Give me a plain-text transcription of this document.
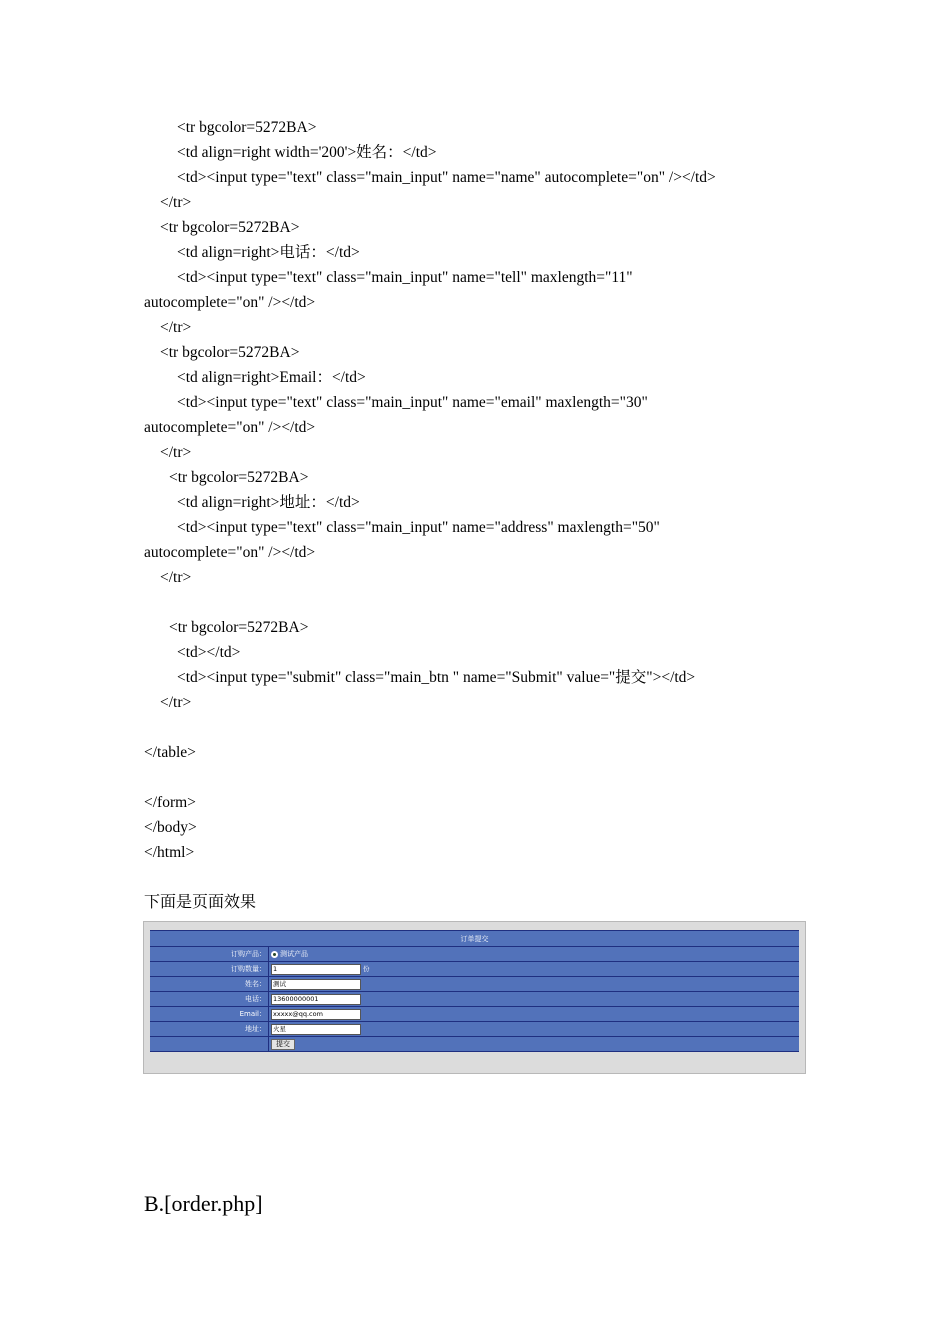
<tr bgcolor=5272BA>
<td align=right width='200'>姓名：</td>
<td><input type="text" class="main_input" name="name" autocomplete="on" /></td>
</tr>
<tr bgcolor=5272BA>
<td align=right>电话：</td>
<td><input type="text" class="main_input" name="tell" maxlength="11"
autocomplete="on" /></td>
</tr>
<tr bgcolor=5272BA>
<td align=right>Email：</td>
<td><input type="text" class="main_input" name="email" maxlength="30"
autocomplete="on" /></td>
</tr>
<tr bgcolor=5272BA>
<td align=right>地址：</td>
<td><input type="text" class="main_input" name="address" maxlength="50"
autocomplete="on" /></td>
</tr>
<tr bgcolor=5272BA>
<td></td>
<td><input type="submit" class="main_btn " name="Submit" value="提交"></td>
</tr>
</table>
</form>
</body>
</html>
下面是页面效果
订单提交	
订购产品：	测试产品
订购数量：	1 份
姓名：	测试
电话：	13600000001
Email：	xxxxx@qq.com
地址：	火星
	提交
B.[order.php]
